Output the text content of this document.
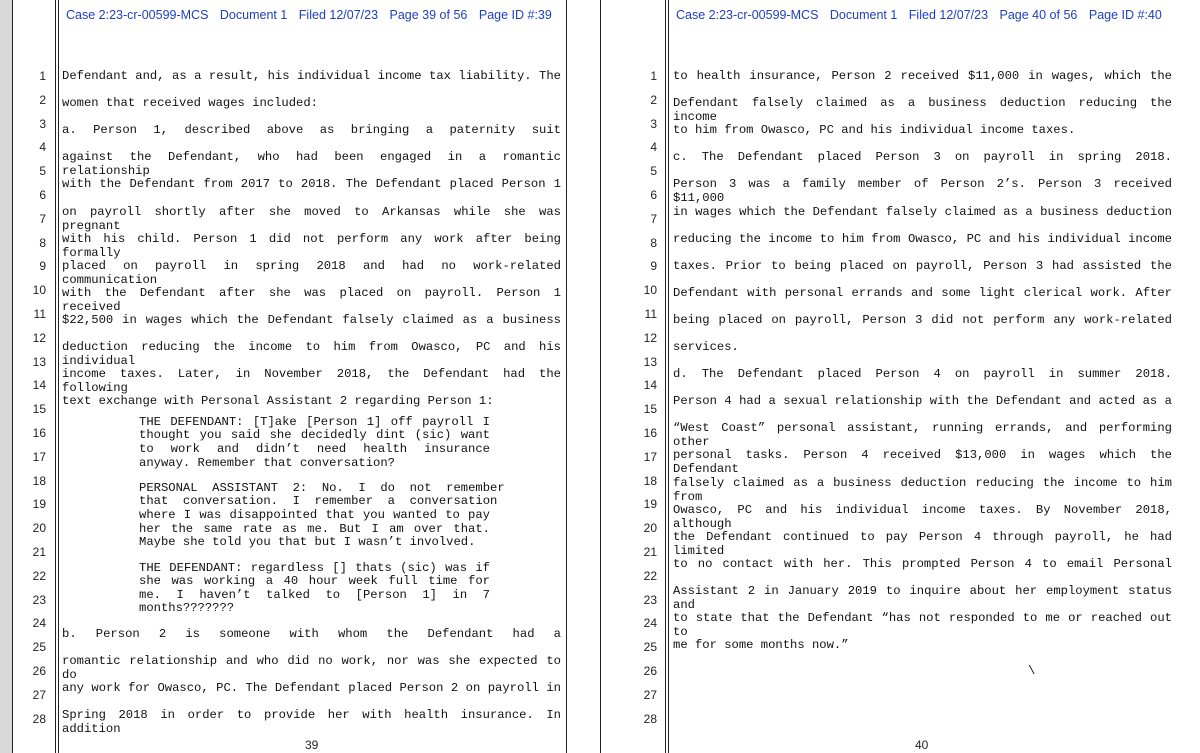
Case 2:23-cr-00599-MCS Document 1 Filed 12/07/23 Page 39 of 56 Page ID #:39
1
2
3
4
5
6
7
8
9
10
11
12
13
14
15
16
17
18
19
20
21
22
23
24
25
26
27
28
Defendant and, as a result, his individual income tax liability. The
women that received wages included:
a. Person 1, described above as bringing a paternity suit
against the Defendant, who had been engaged in a romantic relationship
with the Defendant from 2017 to 2018. The Defendant placed Person 1
on payroll shortly after she moved to Arkansas while she was pregnant
with his child. Person 1 did not perform any work after being formally
placed on payroll in spring 2018 and had no work-related communication
with the Defendant after she was placed on payroll. Person 1 received
$22,500 in wages which the Defendant falsely claimed as a business
deduction reducing the income to him from Owasco, PC and his individual
income taxes. Later, in November 2018, the Defendant had the following
text exchange with Personal Assistant 2 regarding Person 1:
THE DEFENDANT: [T]ake [Person 1] off payroll I
thought you said she decidedly dint (sic) want
to  work  and  didn’t  need  health  insurance
anyway. Remember that conversation?
PERSONAL  ASSISTANT  2:  No.  I  do  not  remember
that  conversation.  I  remember  a  conversation
where I was disappointed that you wanted to pay
her the same rate as me. But I am over that.
Maybe she told you that but I wasn’t involved.
THE DEFENDANT: regardless [] thats (sic) was if
she was working a 40 hour week full time for
me.  I  haven’t  talked  to  [Person  1]  in  7
months???????
b. Person 2 is someone with whom the Defendant had a
romantic relationship and who did no work, nor was she expected to do
any work for Owasco, PC. The Defendant placed Person 2 on payroll in
Spring 2018 in order to provide her with health insurance. In addition
39
Case 2:23-cr-00599-MCS Document 1 Filed 12/07/23 Page 40 of 56 Page ID #:40
1
2
3
4
5
6
7
8
9
10
11
12
13
14
15
16
17
18
19
20
21
22
23
24
25
26
27
28
to health insurance, Person 2 received $11,000 in wages, which the
Defendant falsely claimed as a business deduction reducing the income
to him from Owasco, PC and his individual income taxes.
c. The Defendant placed Person 3 on payroll in spring 2018.
Person 3 was a family member of Person 2’s. Person 3 received $11,000
in wages which the Defendant falsely claimed as a business deduction
reducing the income to him from Owasco, PC and his individual income
taxes. Prior to being placed on payroll, Person 3 had assisted the
Defendant with personal errands and some light clerical work. After
being placed on payroll, Person 3 did not perform any work-related
services.
d. The Defendant placed Person 4 on payroll in summer 2018.
Person 4 had a sexual relationship with the Defendant and acted as a
“West Coast” personal assistant, running errands, and performing other
personal tasks. Person 4 received $13,000 in wages which the Defendant
falsely claimed as a business deduction reducing the income to him from
Owasco, PC and his individual income taxes. By November 2018, although
the Defendant continued to pay Person 4 through payroll, he had limited
to no contact with her. This prompted Person 4 to email Personal
Assistant 2 in January 2019 to inquire about her employment status and
to state that the Defendant “has not responded to me or reached out to
me for some months now.”
\
40
